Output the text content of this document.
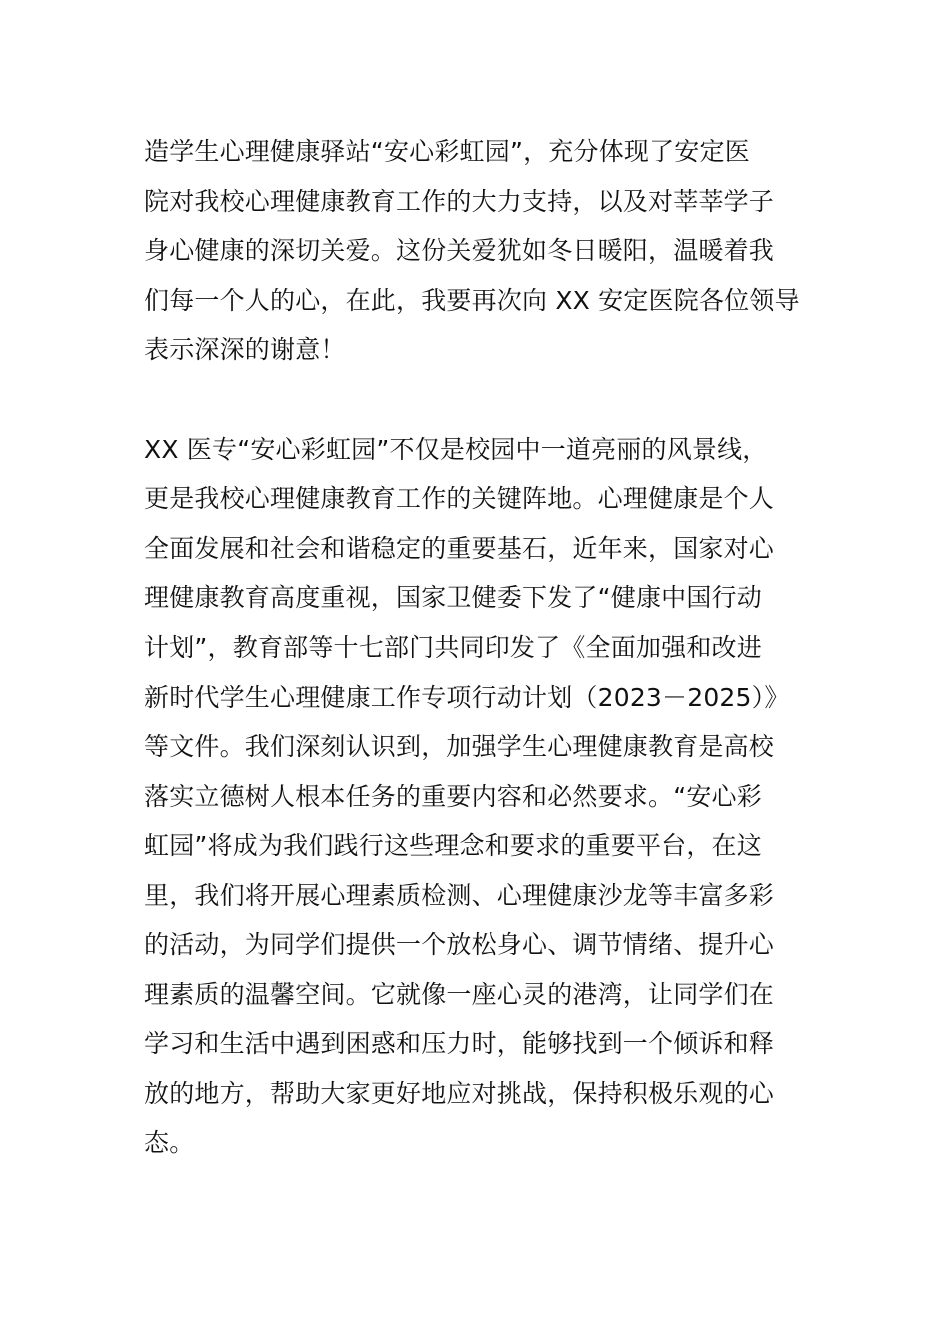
造学生心理健康驿站“安心彩虹园”，充分体现了安定医
院对我校心理健康教育工作的大力支持，以及对莘莘学子
身心健康的深切关爱。这份关爱犹如冬日暖阳，温暖着我
们每一个人的心，在此，我要再次向 XX 安定医院各位领导
表示深深的谢意！
XX 医专“安心彩虹园”不仅是校园中一道亮丽的风景线，
更是我校心理健康教育工作的关键阵地。心理健康是个人
全面发展和社会和谐稳定的重要基石，近年来，国家对心
理健康教育高度重视，国家卫健委下发了“健康中国行动
计划”，教育部等十七部门共同印发了《全面加强和改进
新时代学生心理健康工作专项行动计划（2023－2025）》
等文件。我们深刻认识到，加强学生心理健康教育是高校
落实立德树人根本任务的重要内容和必然要求。“安心彩
虹园”将成为我们践行这些理念和要求的重要平台，在这
里，我们将开展心理素质检测、心理健康沙龙等丰富多彩
的活动，为同学们提供一个放松身心、调节情绪、提升心
理素质的温馨空间。它就像一座心灵的港湾，让同学们在
学习和生活中遇到困惑和压力时，能够找到一个倾诉和释
放的地方，帮助大家更好地应对挑战，保持积极乐观的心
态。
